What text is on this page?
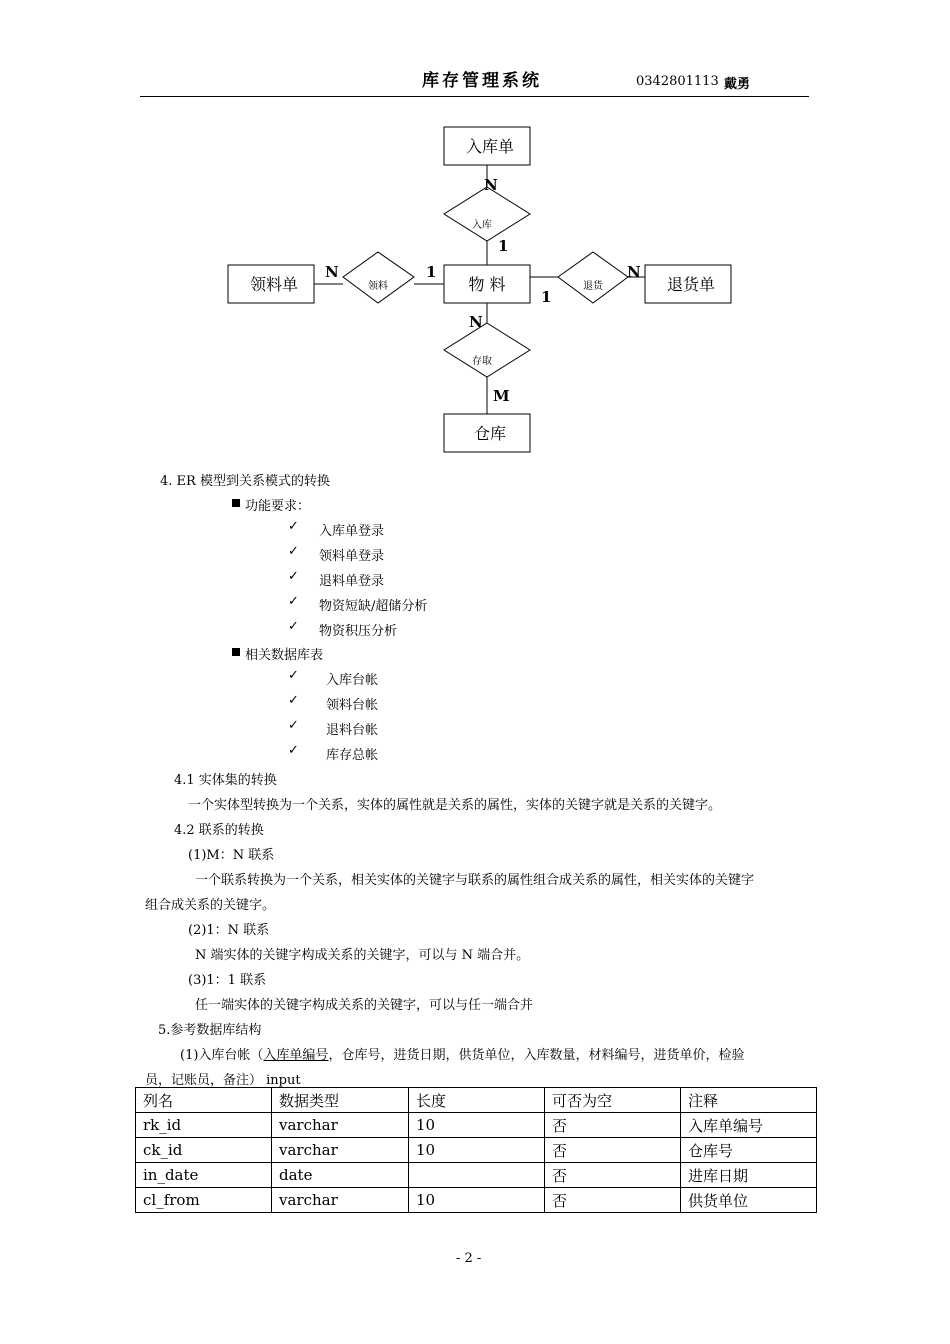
库存管理系统	0342801113 戴勇
入库单
物 料
领料单	退货单
仓库
入库
领料	退货
存取
N
1
N	1
1
N
N
M
4. ER 模型到关系模式的转换
功能要求：
✓ 入库单登录
✓ 领料单登录
✓ 退料单登录
✓ 物资短缺/超储分析
✓ 物资积压分析
相关数据库表
✓ 入库台帐
✓ 领料台帐
✓ 退料台帐
✓ 库存总帐
4.1 实体集的转换
一个实体型转换为一个关系，实体的属性就是关系的属性，实体的关键字就是关系的关键字。
4.2 联系的转换
(1)M：N 联系
一个联系转换为一个关系，相关实体的关键字与联系的属性组合成关系的属性，相关实体的关键字
组合成关系的关键字。
(2)1：N 联系
N 端实体的关键字构成关系的关键字，可以与 N 端合并。
(3)1：1 联系
任一端实体的关键字构成关系的关键字，可以与任一端合并
5.参考数据库结构
(1)入库台帐（入库单编号，仓库号，进货日期，供货单位，入库数量，材料编号，进货单价，检验
员，记账员，备注） input
列名	数据类型	长度	可否为空	注释
rk_id	varchar	10	否	入库单编号
ck_id	varchar	10	否	仓库号
in_date	date		否	进库日期
cl_from	varchar	10	否	供货单位
- 2 -
